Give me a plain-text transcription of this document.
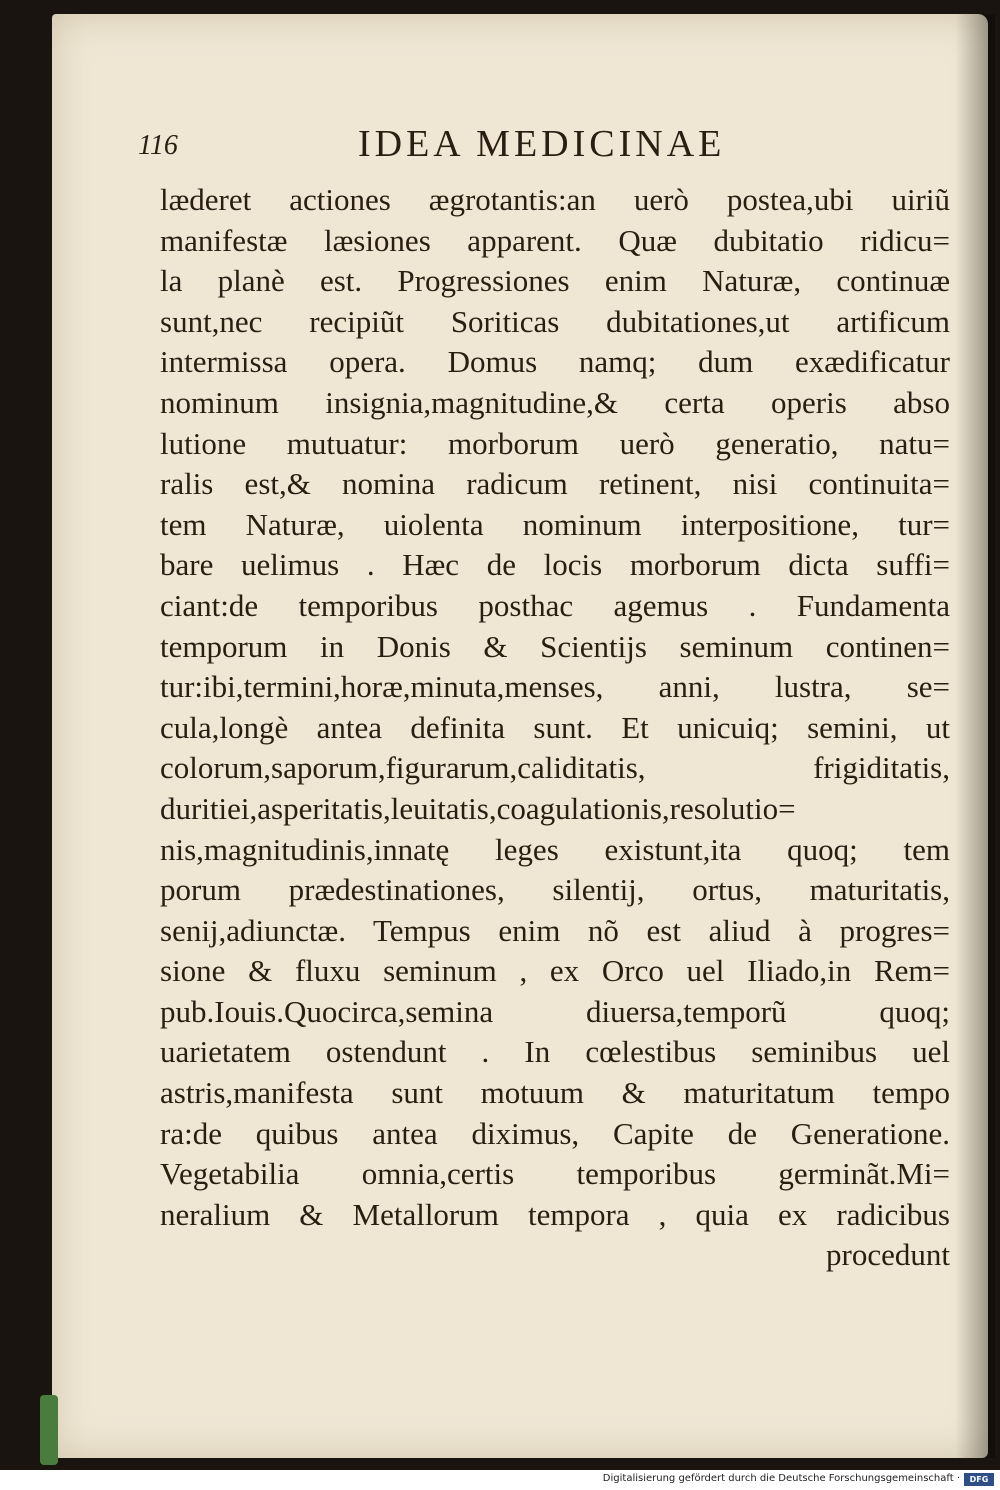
116	IDEA MEDICINAE
læderet actiones ægrotantis:an uerò postea,ubi uiriũ
manifestæ læsiones apparent. Quæ dubitatio ridicu=
la planè est. Progressiones enim Naturæ, continuæ
sunt,nec recipiũt Soriticas dubitationes,ut artificum
intermissa opera. Domus namq; dum exædificatur
nominum insignia,magnitudine,& certa operis abso
lutione mutuatur: morborum uerò generatio, natu=
ralis est,& nomina radicum retinent, nisi continuita=
tem Naturæ, uiolenta nominum interpositione, tur=
bare uelimus . Hæc de locis morborum dicta suffi=
ciant:de temporibus posthac agemus . Fundamenta
temporum in Donis & Scientijs seminum continen=
tur:ibi,termini,horæ,minuta,menses, anni, lustra, se=
cula,longè antea definita sunt. Et unicuiq; semini, ut
colorum,saporum,figurarum,caliditatis, frigiditatis,
duritiei,asperitatis,leuitatis,coagulationis,resolutio=
nis,magnitudinis,innatę leges existunt,ita quoq; tem
porum prædestinationes, silentij, ortus, maturitatis,
senij,adiunctæ. Tempus enim nõ est aliud à progres=
sione & fluxu seminum , ex Orco uel Iliado,in Rem=
pub.Iouis.Quocirca,semina diuersa,temporũ quoq;
uarietatem ostendunt . In cœlestibus seminibus uel
astris,manifesta sunt motuum & maturitatum tempo
ra:de quibus antea diximus, Capite de Generatione.
Vegetabilia omnia,certis temporibus germinãt.Mi=
neralium & Metallorum tempora , quia ex radicibus
procedunt
Digitalisierung gefördert durch die Deutsche Forschungsgemeinschaft ·	DFG
